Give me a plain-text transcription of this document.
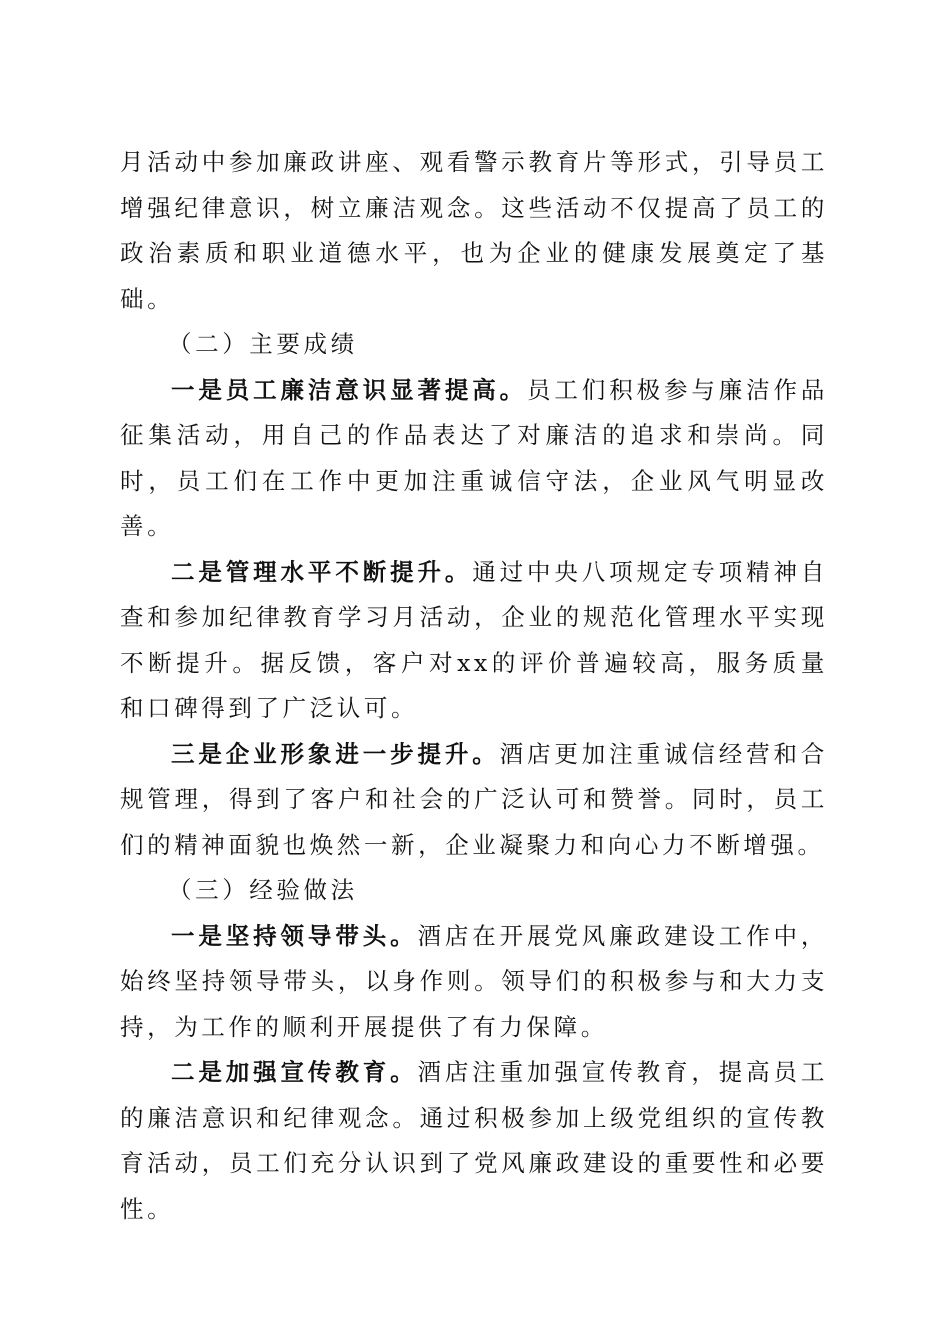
月活动中参加廉政讲座、观看警示教育片等形式，引导员工增强纪律意识，树立廉洁观念。这些活动不仅提高了员工的政治素质和职业道德水平，也为企业的健康发展奠定了基础。

（二）主要成绩

一是员工廉洁意识显著提高。员工们积极参与廉洁作品征集活动，用自己的作品表达了对廉洁的追求和崇尚。同时，员工们在工作中更加注重诚信守法，企业风气明显改善。

二是管理水平不断提升。通过中央八项规定专项精神自查和参加纪律教育学习月活动，企业的规范化管理水平实现不断提升。据反馈，客户对xx的评价普遍较高，服务质量和口碑得到了广泛认可。

三是企业形象进一步提升。酒店更加注重诚信经营和合规管理，得到了客户和社会的广泛认可和赞誉。同时，员工们的精神面貌也焕然一新，企业凝聚力和向心力不断增强。

（三）经验做法

一是坚持领导带头。酒店在开展党风廉政建设工作中，始终坚持领导带头，以身作则。领导们的积极参与和大力支持，为工作的顺利开展提供了有力保障。

二是加强宣传教育。酒店注重加强宣传教育，提高员工的廉洁意识和纪律观念。通过积极参加上级党组织的宣传教育活动，员工们充分认识到了党风廉政建设的重要性和必要性。
